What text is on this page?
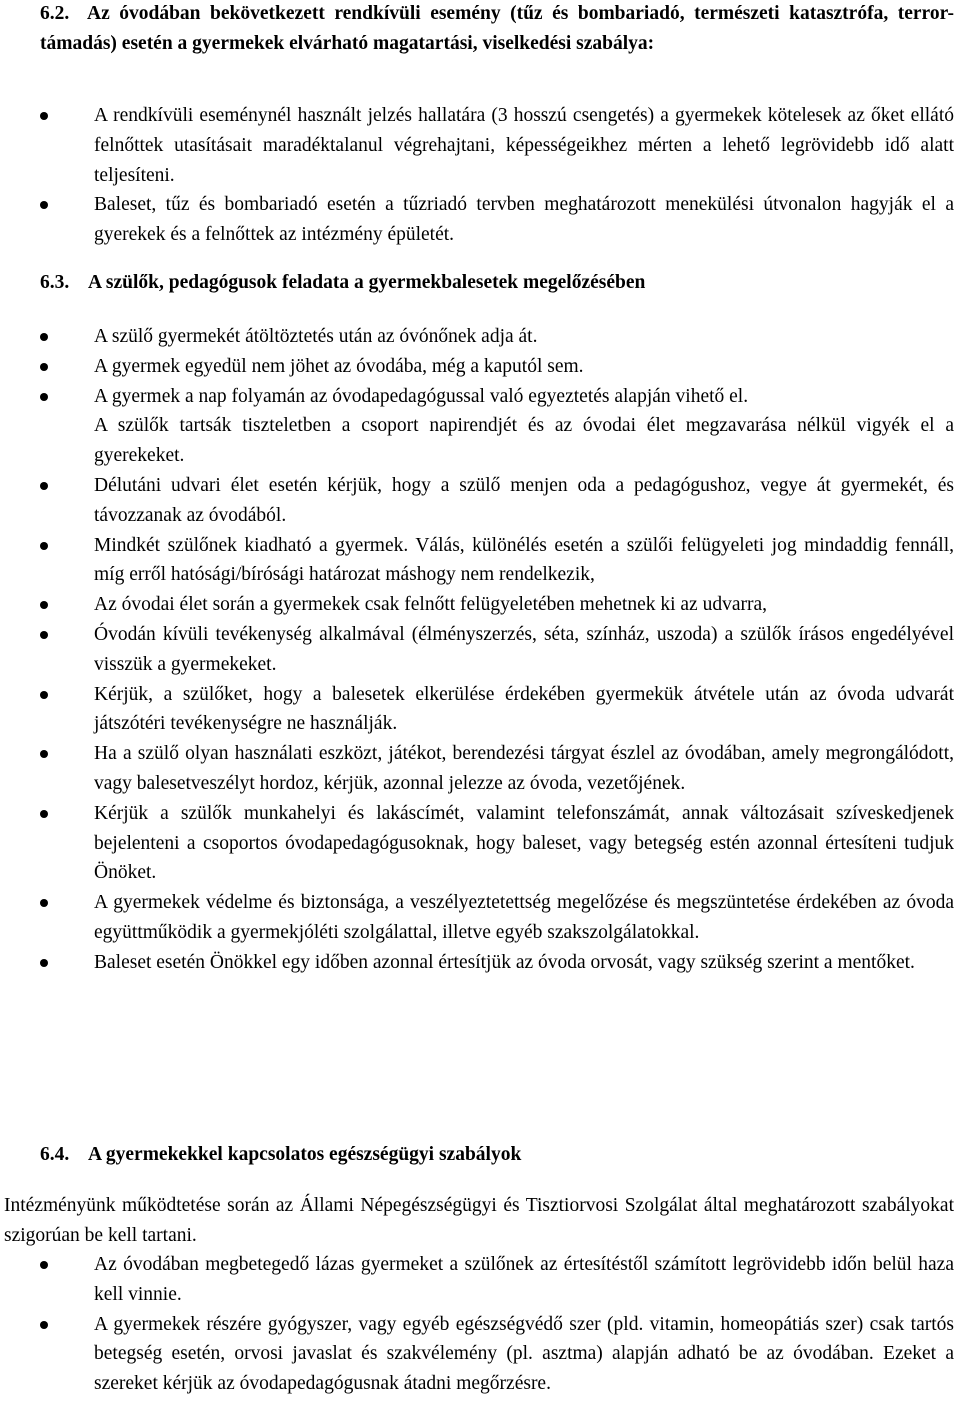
6.2. Az óvodában bekövetkezett rendkívüli esemény (tűz és bombariadó, természeti katasztrófa, terror-támadás) esetén a gyermekek elvárható magatartási, viselkedési szabálya:
A rendkívüli eseménynél használt jelzés hallatára (3 hosszú csengetés) a gyermekek kötelesek az őket ellátó felnőttek utasításait maradéktalanul végrehajtani, képességeikhez mérten a lehető legrövidebb idő alatt teljesíteni.
Baleset, tűz és bombariadó esetén a tűzriadó tervben meghatározott menekülési útvonalon hagyják el a gyerekek és a felnőttek az intézmény épületét.
6.3. A szülők, pedagógusok feladata a gyermekbalesetek megelőzésében
A szülő gyermekét átöltöztetés után az óvónőnek adja át.
A gyermek egyedül nem jöhet az óvodába, még a kaputól sem.
A gyermek a nap folyamán az óvodapedagógussal való egyeztetés alapján vihető el.
A szülők tartsák tiszteletben a csoport napirendjét és az óvodai élet megzavarása nélkül vigyék el a gyerekeket.
Délutáni udvari élet esetén kérjük, hogy a szülő menjen oda a pedagógushoz, vegye át gyermekét, és távozzanak az óvodából.
Mindkét szülőnek kiadható a gyermek. Válás, különélés esetén a szülői felügyeleti jog mindaddig fennáll, míg erről hatósági/bírósági határozat máshogy nem rendelkezik,
Az óvodai élet során a gyermekek csak felnőtt felügyeletében mehetnek ki az udvarra,
Óvodán kívüli tevékenység alkalmával (élményszerzés, séta, színház, uszoda) a szülők írásos engedélyével visszük a gyermekeket.
Kérjük, a szülőket, hogy a balesetek elkerülése érdekében gyermekük átvétele után az óvoda udvarát játszótéri tevékenységre ne használják.
Ha a szülő olyan használati eszközt, játékot, berendezési tárgyat észlel az óvodában, amely megrongálódott, vagy balesetveszélyt hordoz, kérjük, azonnal jelezze az óvoda, vezetőjének.
Kérjük a szülők munkahelyi és lakáscímét, valamint telefonszámát, annak változásait szíveskedjenek bejelenteni a csoportos óvodapedagógusoknak, hogy baleset, vagy betegség estén azonnal értesíteni tudjuk Önöket.
A gyermekek védelme és biztonsága, a veszélyeztetettség megelőzése és megszüntetése érdekében az óvoda együttműködik a gyermekjóléti szolgálattal, illetve egyéb szakszolgálatokkal.
Baleset esetén Önökkel egy időben azonnal értesítjük az óvoda orvosát, vagy szükség szerint a mentőket.
6.4. A gyermekekkel kapcsolatos egészségügyi szabályok
Intézményünk működtetése során az Állami Népegészségügyi és Tisztiorvosi Szolgálat által meghatározott szabályokat szigorúan be kell tartani.
Az óvodában megbetegedő lázas gyermeket a szülőnek az értesítéstől számított legrövidebb időn belül haza kell vinnie.
A gyermekek részére gyógyszer, vagy egyéb egészségvédő szer (pld. vitamin, homeopátiás szer) csak tartós betegség esetén, orvosi javaslat és szakvélemény (pl. asztma) alapján adható be az óvodában. Ezeket a szereket kérjük az óvodapedagógusnak átadni megőrzésre.
